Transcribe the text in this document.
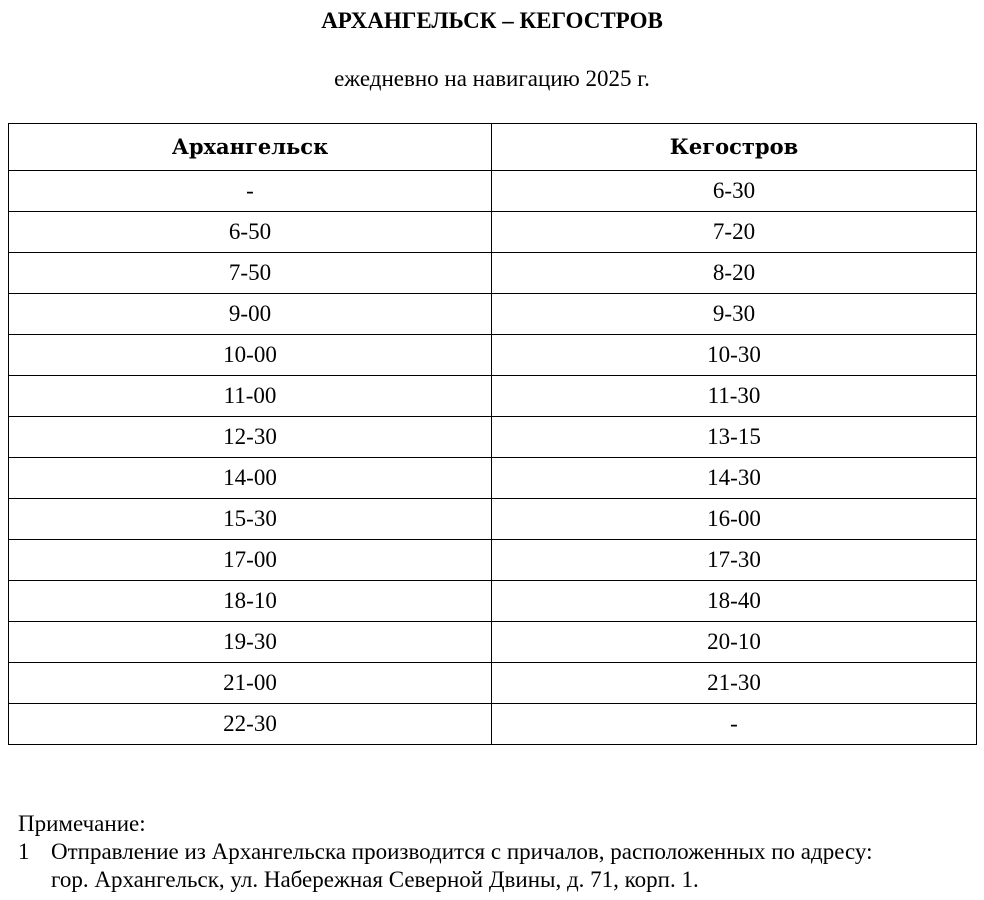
АРХАНГЕЛЬСК – КЕГОСТРОВ
ежедневно на навигацию 2025 г.
Архангельск	Кегостров
-	6-30
6-50	7-20
7-50	8-20
9-00	9-30
10-00	10-30
11-00	11-30
12-30	13-15
14-00	14-30
15-30	16-00
17-00	17-30
18-10	18-40
19-30	20-10
21-00	21-30
22-30	-
Примечание:
1 Отправление из Архангельска производится с причалов, расположенных по адресу:
гор. Архангельск, ул. Набережная Северной Двины, д. 71, корп. 1.
